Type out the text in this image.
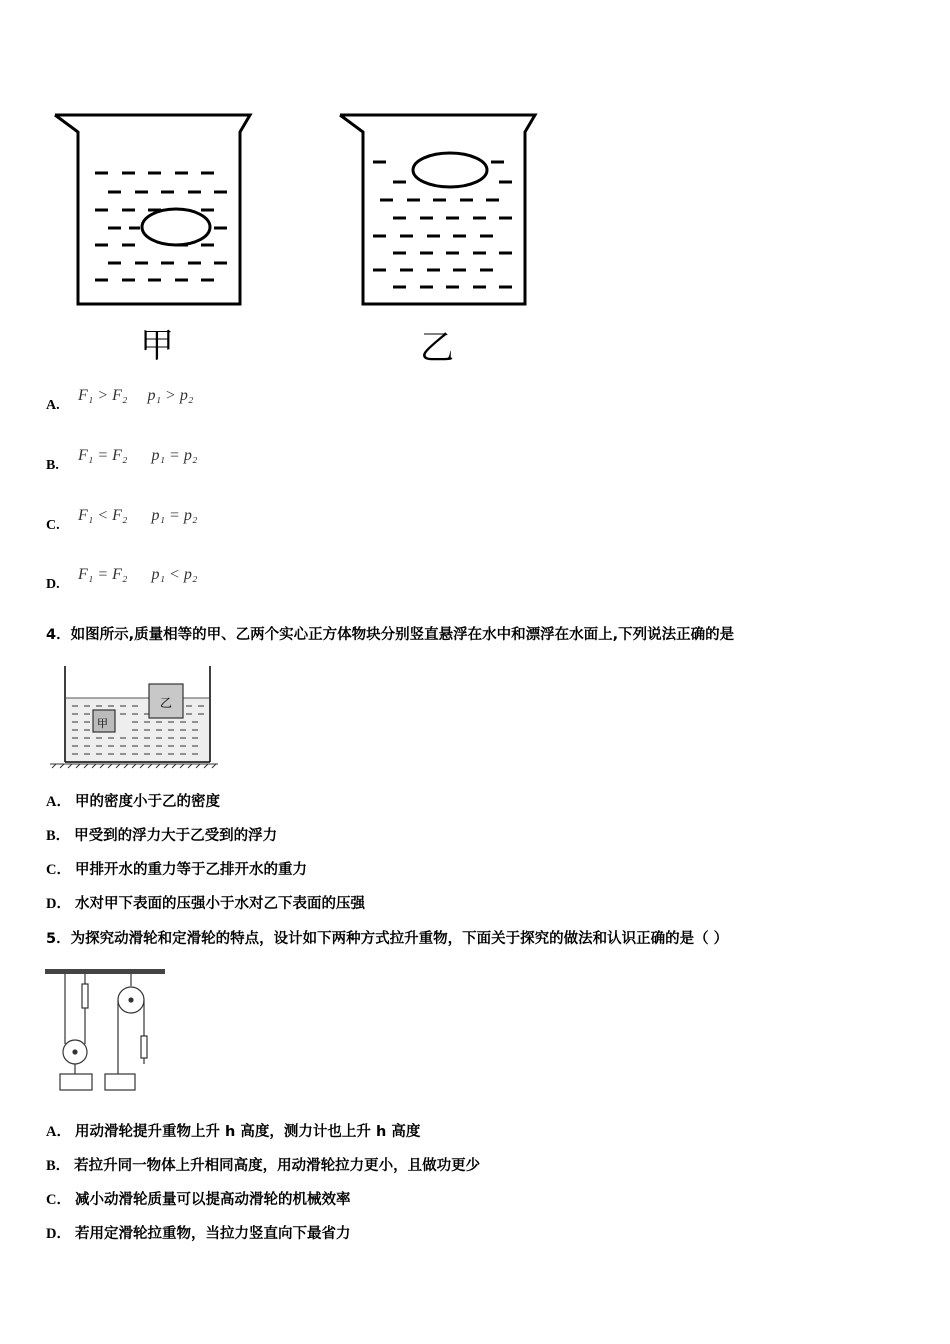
甲	乙
A.
F₁ > F₂     p₁ > p₂
B.
F₁ = F₂      p₁ = p₂
C.
F₁ < F₂      p₁ = p₂
D.
F₁ = F₂      p₁ < p₂
4．如图所示,质量相等的甲、乙两个实心正方体物块分别竖直悬浮在水中和漂浮在水面上,下列说法正确的是
甲
乙
A． 甲的密度小于乙的密度
B． 甲受到的浮力大于乙受到的浮力
C． 甲排开水的重力等于乙排开水的重力
D． 水对甲下表面的压强小于水对乙下表面的压强
5．为探究动滑轮和定滑轮的特点，设计如下两种方式拉升重物，下面关于探究的做法和认识正确的是（ ）
A． 用动滑轮提升重物上升 h 高度，测力计也上升 h 高度
B． 若拉升同一物体上升相同高度，用动滑轮拉力更小，且做功更少
C． 减小动滑轮质量可以提高动滑轮的机械效率
D． 若用定滑轮拉重物，当拉力竖直向下最省力
